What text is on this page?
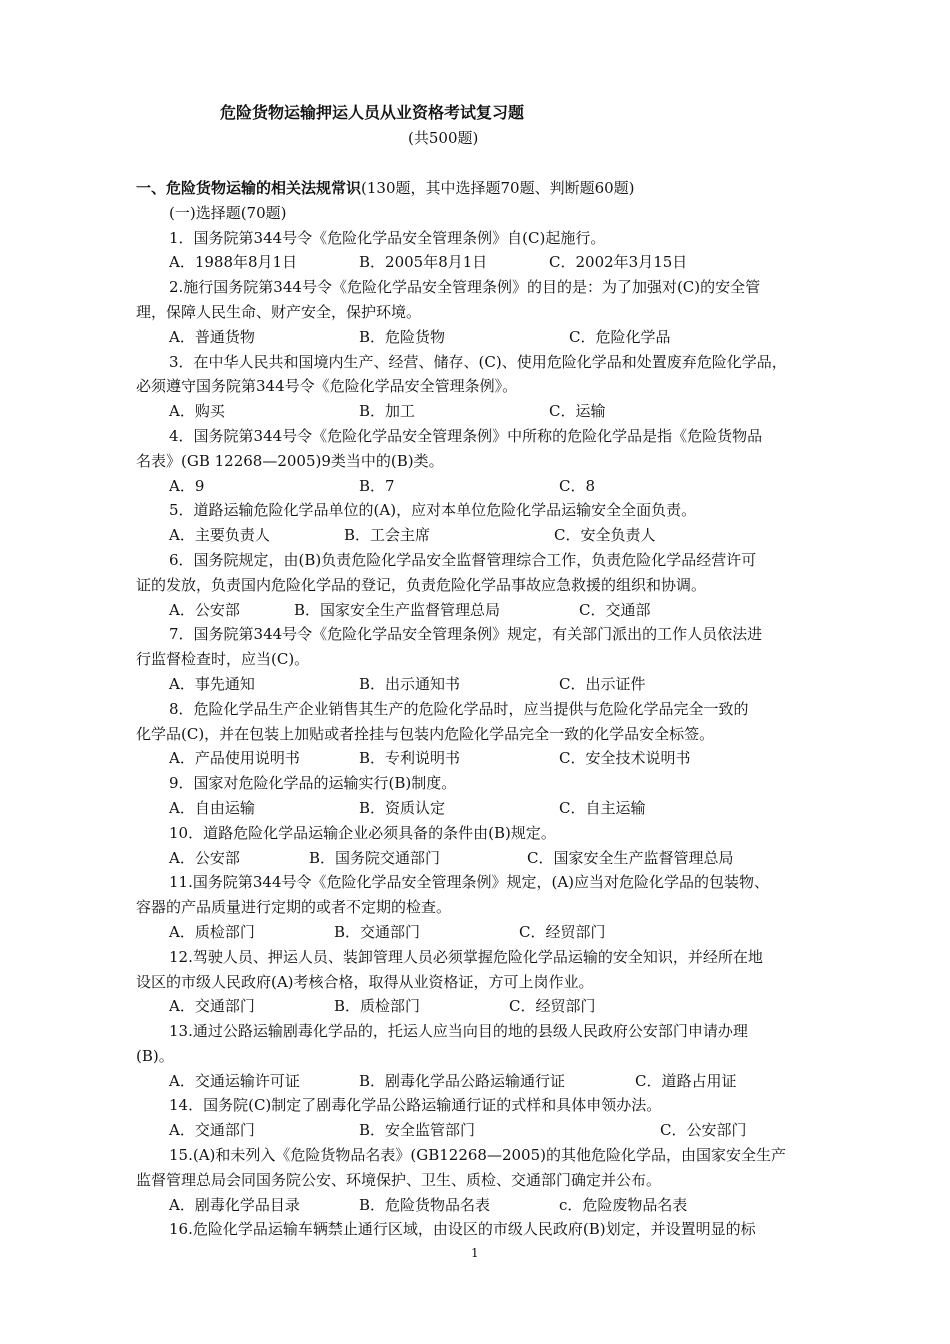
危险货物运输押运人员从业资格考试复习题
(共500题)
一、危险货物运输的相关法规常识(130题，其中选择题70题、判断题60题)
(一)选择题(70题)
1．国务院第344号令《危险化学品安全管理条例》自(C)起施行。
A．1988年8月1日	B．2005年8月1日	C．2002年3月15日
2.施行国务院第344号令《危险化学品安全管理条例》的目的是：为了加强对(C)的安全管
理，保障人民生命、财产安全，保护环境。
A．普通货物	B．危险货物	C．危险化学品
3．在中华人民共和国境内生产、经营、储存、(C)、使用危险化学品和处置废弃危险化学品，
必须遵守国务院第344号令《危险化学品安全管理条例》。
A．购买	B．加工	C．运输
4．国务院第344号令《危险化学品安全管理条例》中所称的危险化学品是指《危险货物品
名表》(GB 12268—2005)9类当中的(B)类。
A．9	B．7	C．8
5．道路运输危险化学品单位的(A)，应对本单位危险化学品运输安全全面负责。
A．主要负责人	B．工会主席	C．安全负责人
6．国务院规定，由(B)负责危险化学品安全监督管理综合工作，负责危险化学品经营许可
证的发放，负责国内危险化学品的登记，负责危险化学品事故应急救援的组织和协调。
A．公安部	B．国家安全生产监督管理总局	C．交通部
7．国务院第344号令《危险化学品安全管理条例》规定，有关部门派出的工作人员依法进
行监督检查时，应当(C)。
A．事先通知	B．出示通知书	C．出示证件
8．危险化学品生产企业销售其生产的危险化学品时，应当提供与危险化学品完全一致的
化学品(C)，并在包装上加贴或者拴挂与包装内危险化学品完全一致的化学品安全标签。
A．产品使用说明书	B．专利说明书	C．安全技术说明书
9．国家对危险化学品的运输实行(B)制度。
A．自由运输	B．资质认定	C．自主运输
10．道路危险化学品运输企业必须具备的条件由(B)规定。
A．公安部	B．国务院交通部门	C．国家安全生产监督管理总局
11.国务院第344号令《危险化学品安全管理条例》规定，(A)应当对危险化学品的包装物、
容器的产品质量进行定期的或者不定期的检查。
A．质检部门	B．交通部门	C．经贸部门
12.驾驶人员、押运人员、装卸管理人员必须掌握危险化学品运输的安全知识，并经所在地
设区的市级人民政府(A)考核合格，取得从业资格证，方可上岗作业。
A．交通部门	B．质检部门	C．经贸部门
13.通过公路运输剧毒化学品的，托运人应当向目的地的县级人民政府公安部门申请办理
(B)。
A．交通运输许可证	B．剧毒化学品公路运输通行证	C．道路占用证
14．国务院(C)制定了剧毒化学品公路运输通行证的式样和具体申领办法。
A．交通部门	B．安全监管部门	C．公安部门
15.(A)和未列入《危险货物品名表》(GB12268—2005)的其他危险化学品，由国家安全生产
监督管理总局会同国务院公安、环境保护、卫生、质检、交通部门确定并公布。
A．剧毒化学品目录	B．危险货物品名表	c．危险废物品名表
16.危险化学品运输车辆禁止通行区域，由设区的市级人民政府(B)划定，并设置明显的标
1
